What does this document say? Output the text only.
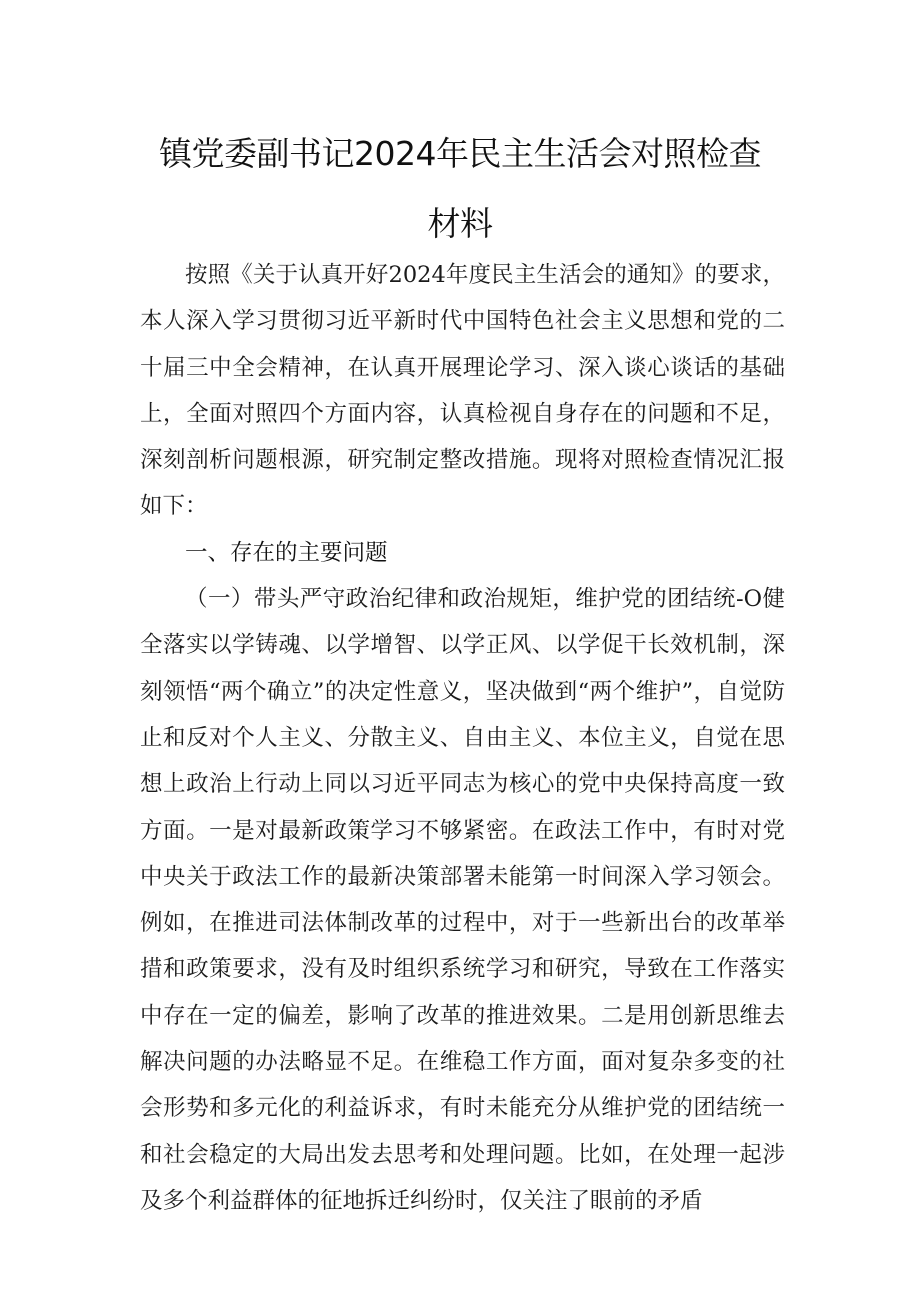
镇党委副书记2024年民主生活会对照检查
材料

按照《关于认真开好2024年度民主生活会的通知》的要求，本人深入学习贯彻习近平新时代中国特色社会主义思想和党的二十届三中全会精神，在认真开展理论学习、深入谈心谈话的基础上，全面对照四个方面内容，认真检视自身存在的问题和不足，深刻剖析问题根源，研究制定整改措施。现将对照检查情况汇报如下：

一、存在的主要问题

（一）带头严守政治纪律和政治规矩，维护党的团结统-O健全落实以学铸魂、以学增智、以学正风、以学促干长效机制，深刻领悟“两个确立”的决定性意义，坚决做到“两个维护”，自觉防止和反对个人主义、分散主义、自由主义、本位主义，自觉在思想上政治上行动上同以习近平同志为核心的党中央保持高度一致方面。一是对最新政策学习不够紧密。在政法工作中，有时对党中央关于政法工作的最新决策部署未能第一时间深入学习领会。例如，在推进司法体制改革的过程中，对于一些新出台的改革举措和政策要求，没有及时组织系统学习和研究，导致在工作落实中存在一定的偏差，影响了改革的推进效果。二是用创新思维去解决问题的办法略显不足。在维稳工作方面，面对复杂多变的社会形势和多元化的利益诉求，有时未能充分从维护党的团结统一和社会稳定的大局出发去思考和处理问题。比如，在处理一起涉及多个利益群体的征地拆迁纠纷时，仅关注了眼前的矛盾
